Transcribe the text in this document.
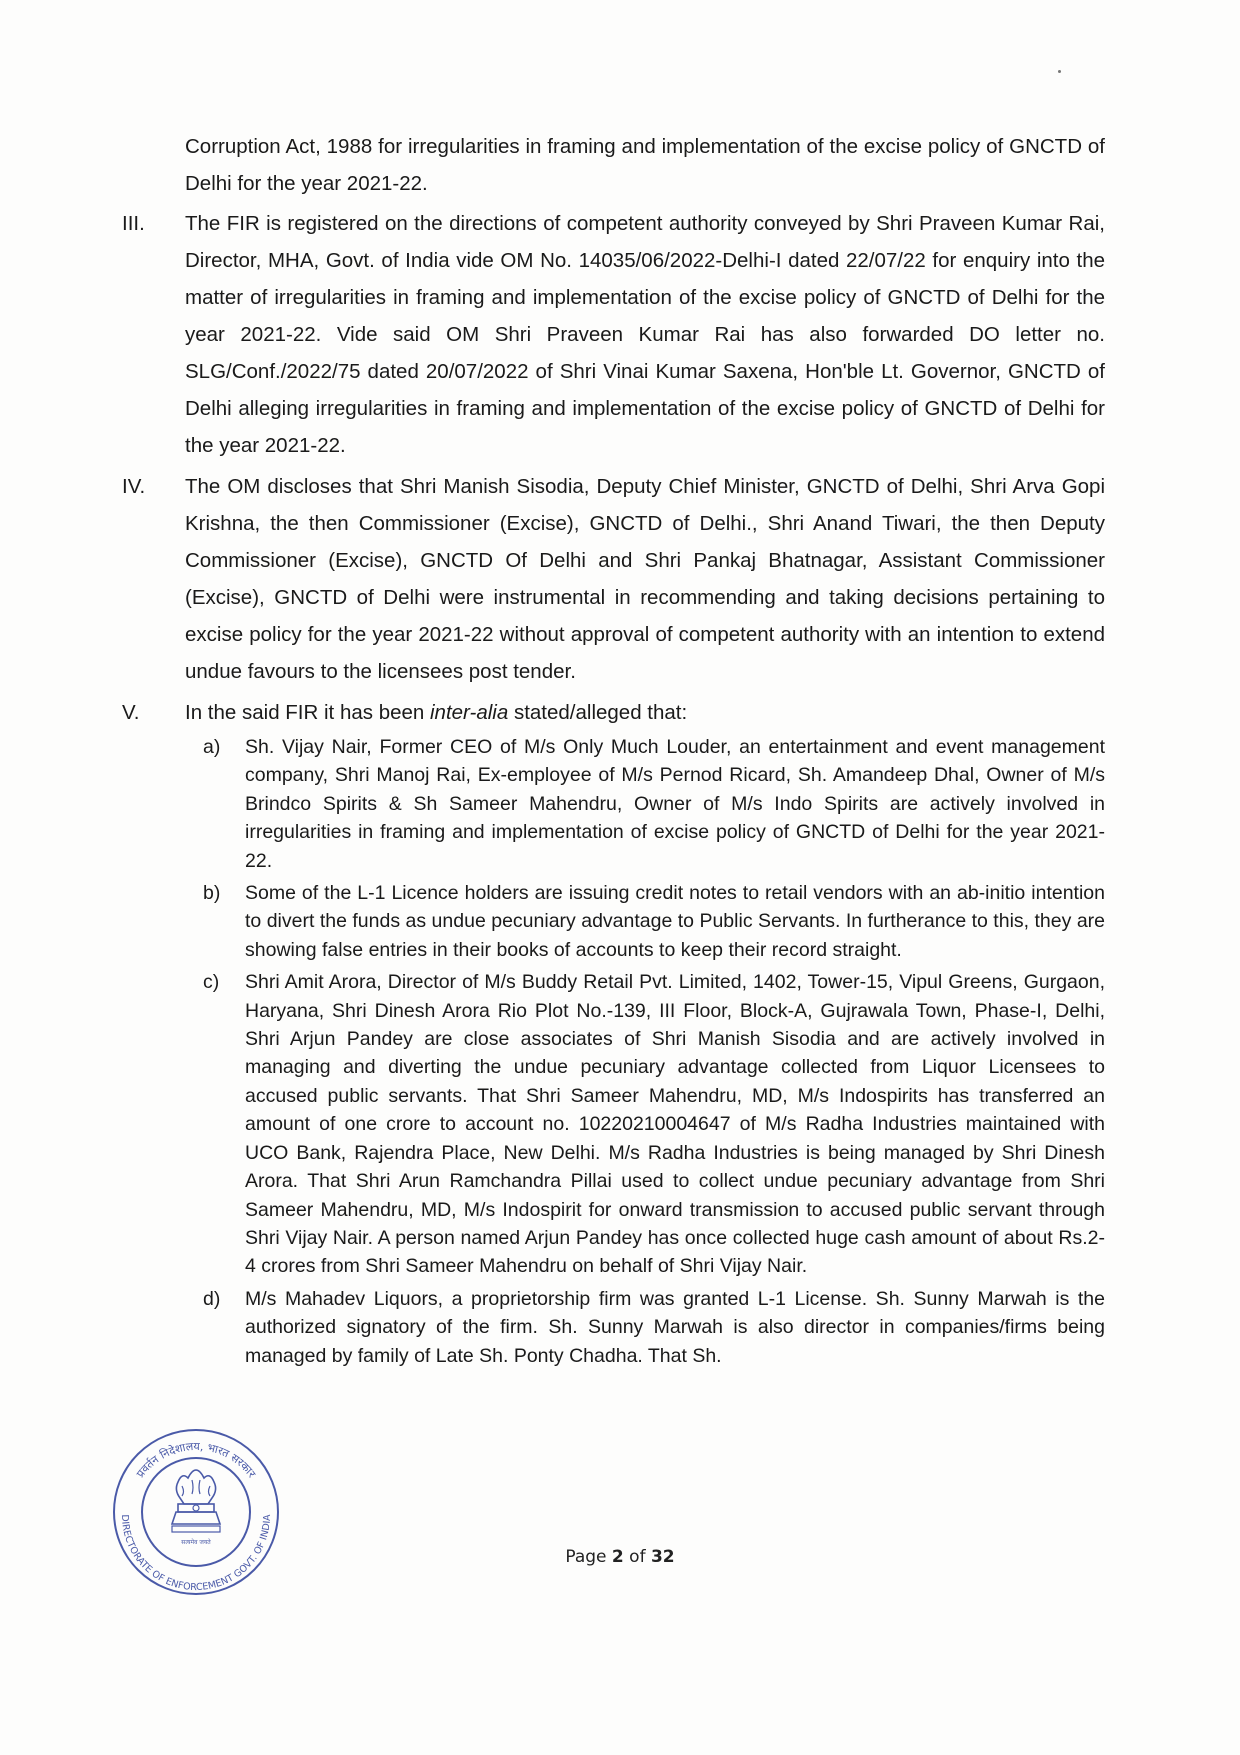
Corruption Act, 1988 for irregularities in framing and implementation of the excise policy of GNCTD of Delhi for the year 2021-22.
III.	The FIR is registered on the directions of competent authority conveyed by Shri Praveen Kumar Rai, Director, MHA, Govt. of India vide OM No. 14035/06/2022-Delhi-I dated 22/07/22 for enquiry into the matter of irregularities in framing and implementation of the excise policy of GNCTD of Delhi for the year 2021-22. Vide said OM Shri Praveen Kumar Rai has also forwarded DO letter no. SLG/Conf./2022/75 dated 20/07/2022 of Shri Vinai Kumar Saxena, Hon'ble Lt. Governor, GNCTD of Delhi alleging irregularities in framing and implementation of the excise policy of GNCTD of Delhi for the year 2021-22.
IV.	The OM discloses that Shri Manish Sisodia, Deputy Chief Minister, GNCTD of Delhi, Shri Arva Gopi Krishna, the then Commissioner (Excise), GNCTD of Delhi., Shri Anand Tiwari, the then Deputy Commissioner (Excise), GNCTD Of Delhi and Shri Pankaj Bhatnagar, Assistant Commissioner (Excise), GNCTD of Delhi were instrumental in recommending and taking decisions pertaining to excise policy for the year 2021-22 without approval of competent authority with an intention to extend undue favours to the licensees post tender.
V.	In the said FIR it has been inter-alia stated/alleged that:
a)	Sh. Vijay Nair, Former CEO of M/s Only Much Louder, an entertainment and event management company, Shri Manoj Rai, Ex-employee of M/s Pernod Ricard, Sh. Amandeep Dhal, Owner of M/s Brindco Spirits & Sh Sameer Mahendru, Owner of M/s Indo Spirits are actively involved in irregularities in framing and implementation of excise policy of GNCTD of Delhi for the year 2021-22.
b)	Some of the L-1 Licence holders are issuing credit notes to retail vendors with an ab-initio intention to divert the funds as undue pecuniary advantage to Public Servants. In furtherance to this, they are showing false entries in their books of accounts to keep their record straight.
c)	Shri Amit Arora, Director of M/s Buddy Retail Pvt. Limited, 1402, Tower-15, Vipul Greens, Gurgaon, Haryana, Shri Dinesh Arora Rio Plot No.-139, III Floor, Block-A, Gujrawala Town, Phase-I, Delhi, Shri Arjun Pandey are close associates of Shri Manish Sisodia and are actively involved in managing and diverting the undue pecuniary advantage collected from Liquor Licensees to accused public servants. That Shri Sameer Mahendru, MD, M/s Indospirits has transferred an amount of one crore to account no. 10220210004647 of M/s Radha Industries maintained with UCO Bank, Rajendra Place, New Delhi. M/s Radha Industries is being managed by Shri Dinesh Arora. That Shri Arun Ramchandra Pillai used to collect undue pecuniary advantage from Shri Sameer Mahendru, MD, M/s Indospirit for onward transmission to accused public servant through Shri Vijay Nair. A person named Arjun Pandey has once collected huge cash amount of about Rs.2-4 crores from Shri Sameer Mahendru on behalf of Shri Vijay Nair.
d)	M/s Mahadev Liquors, a proprietorship firm was granted L-1 License. Sh. Sunny Marwah is the authorized signatory of the firm. Sh. Sunny Marwah is also director in companies/firms being managed by family of Late Sh. Ponty Chadha. That Sh.
प्रवर्तन निदेशालय, भारत सरकार
DIRECTORATE OF ENFORCEMENT GOVT. OF INDIA
सत्यमेव जयते
Page 2 of 32
